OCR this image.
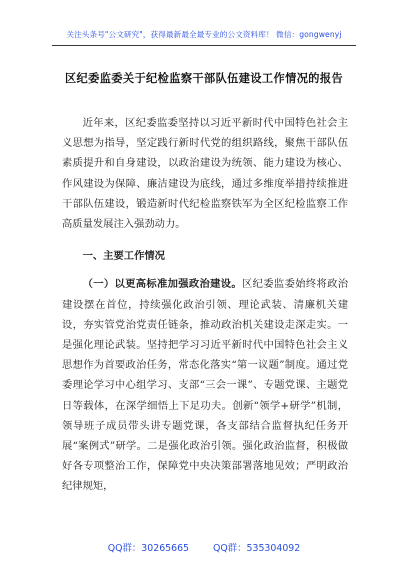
关注头条号"公文研究"，获得最新最全最专业的公文资料库！ 微信：gongwenyj
区纪委监委关于纪检监察干部队伍建设工作情况的报告

近年来，区纪委监委坚持以习近平新时代中国特色社会主义思想为指导，坚定践行新时代党的组织路线，聚焦干部队伍素质提升和自身建设，以政治建设为统领、能力建设为核心、作风建设为保障、廉洁建设为底线，通过多维度举措持续推进干部队伍建设，锻造新时代纪检监察铁军为全区纪检监察工作高质量发展注入强劲动力。

一、主要工作情况

（一）以更高标准加强政治建设。区纪委监委始终将政治建设摆在首位，持续强化政治引领、理论武装、清廉机关建设，夯实管党治党责任链条，推动政治机关建设走深走实。一是强化理论武装。坚持把学习习近平新时代中国特色社会主义思想作为首要政治任务，常态化落实“第一议题”制度。通过党委理论学习中心组学习、支部“三会一课”、专题党课、主题党日等载体，在深学细悟上下足功夫。创新“领学+研学”机制，领导班子成员带头讲专题党课，各支部结合监督执纪任务开展“案例式”研学。二是强化政治引领。强化政治监督，积极做好各专项整治工作，保障党中央决策部署落地见效；严明政治纪律规矩，

QQ群：30265665	QQ群：535304092
